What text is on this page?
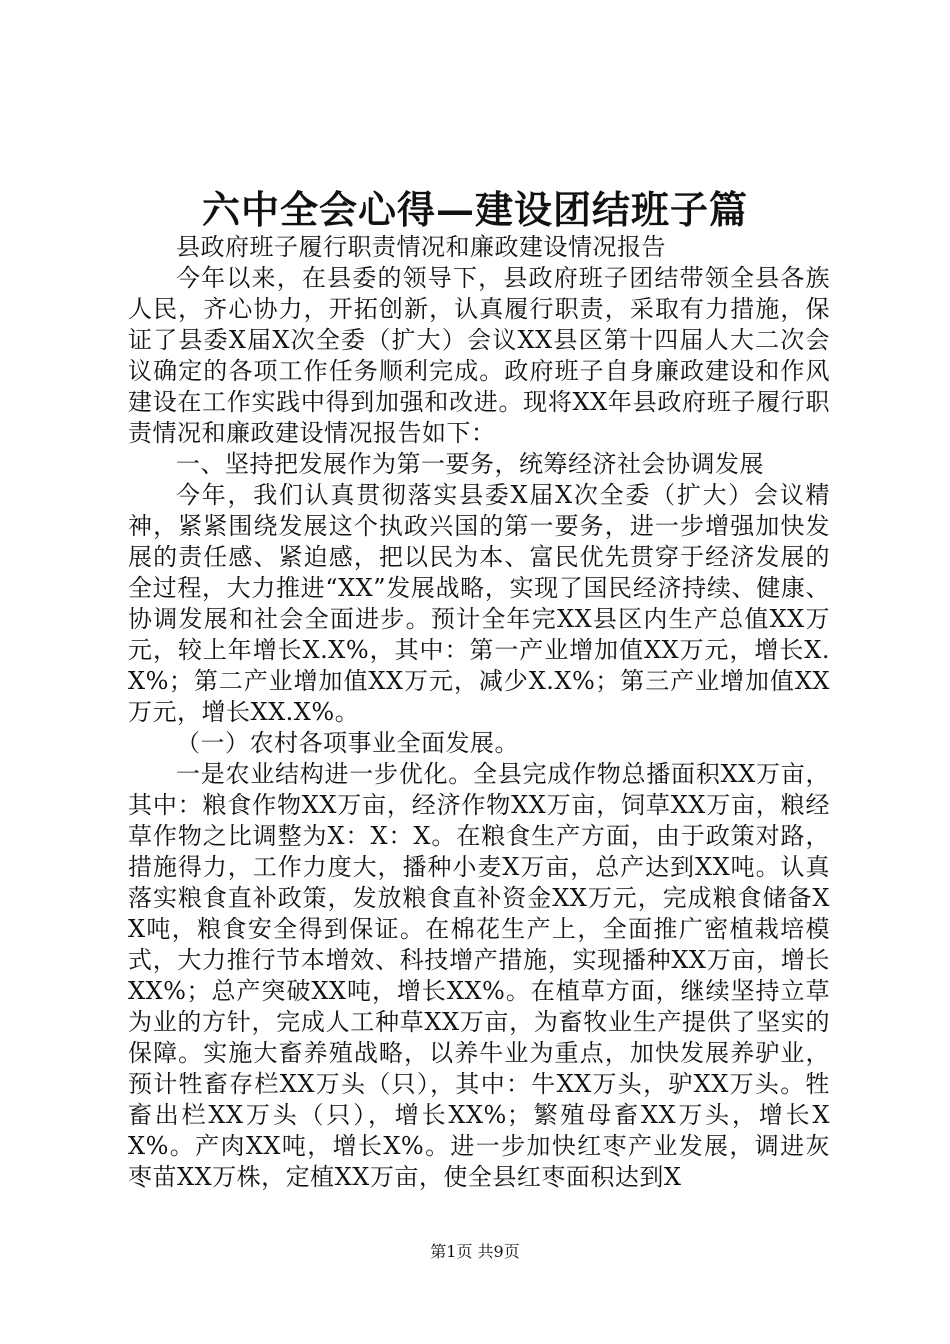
六中全会心得—建设团结班子篇

县政府班子履行职责情况和廉政建设情况报告

今年以来，在县委的领导下，县政府班子团结带领全县各族人民，齐心协力，开拓创新，认真履行职责，采取有力措施，保证了县委X届X次全委（扩大）会议XX县区第十四届人大二次会议确定的各项工作任务顺利完成。政府班子自身廉政建设和作风建设在工作实践中得到加强和改进。现将XX年县政府班子履行职责情况和廉政建设情况报告如下：

一、坚持把发展作为第一要务，统筹经济社会协调发展

今年，我们认真贯彻落实县委X届X次全委（扩大）会议精神，紧紧围绕发展这个执政兴国的第一要务，进一步增强加快发展的责任感、紧迫感，把以民为本、富民优先贯穿于经济发展的全过程，大力推进“XX”发展战略，实现了国民经济持续、健康、协调发展和社会全面进步。预计全年完XX县区内生产总值XX万元，较上年增长X.X%，其中：第一产业增加值XX万元，增长X.X%；第二产业增加值XX万元，减少X.X%；第三产业增加值XX万元，增长XX.X%。

（一）农村各项事业全面发展。

一是农业结构进一步优化。全县完成作物总播面积XX万亩，其中：粮食作物XX万亩，经济作物XX万亩，饲草XX万亩，粮经草作物之比调整为X：X：X。在粮食生产方面，由于政策对路，措施得力，工作力度大，播种小麦X万亩，总产达到XX吨。认真落实粮食直补政策，发放粮食直补资金XX万元，完成粮食储备XX吨，粮食安全得到保证。在棉花生产上，全面推广密植栽培模式，大力推行节本增效、科技增产措施，实现播种XX万亩，增长XX%；总产突破XX吨，增长XX%。在植草方面，继续坚持立草为业的方针，完成人工种草XX万亩，为畜牧业生产提供了坚实的保障。实施大畜养殖战略，以养牛业为重点，加快发展养驴业，预计牲畜存栏XX万头（只），其中：牛XX万头，驴XX万头。牲畜出栏XX万头（只），增长XX%；繁殖母畜XX万头，增长XX%。产肉XX吨，增长X%。进一步加快红枣产业发展，调进灰枣苗XX万株，定植XX万亩，使全县红枣面积达到X

第1页 共9页
